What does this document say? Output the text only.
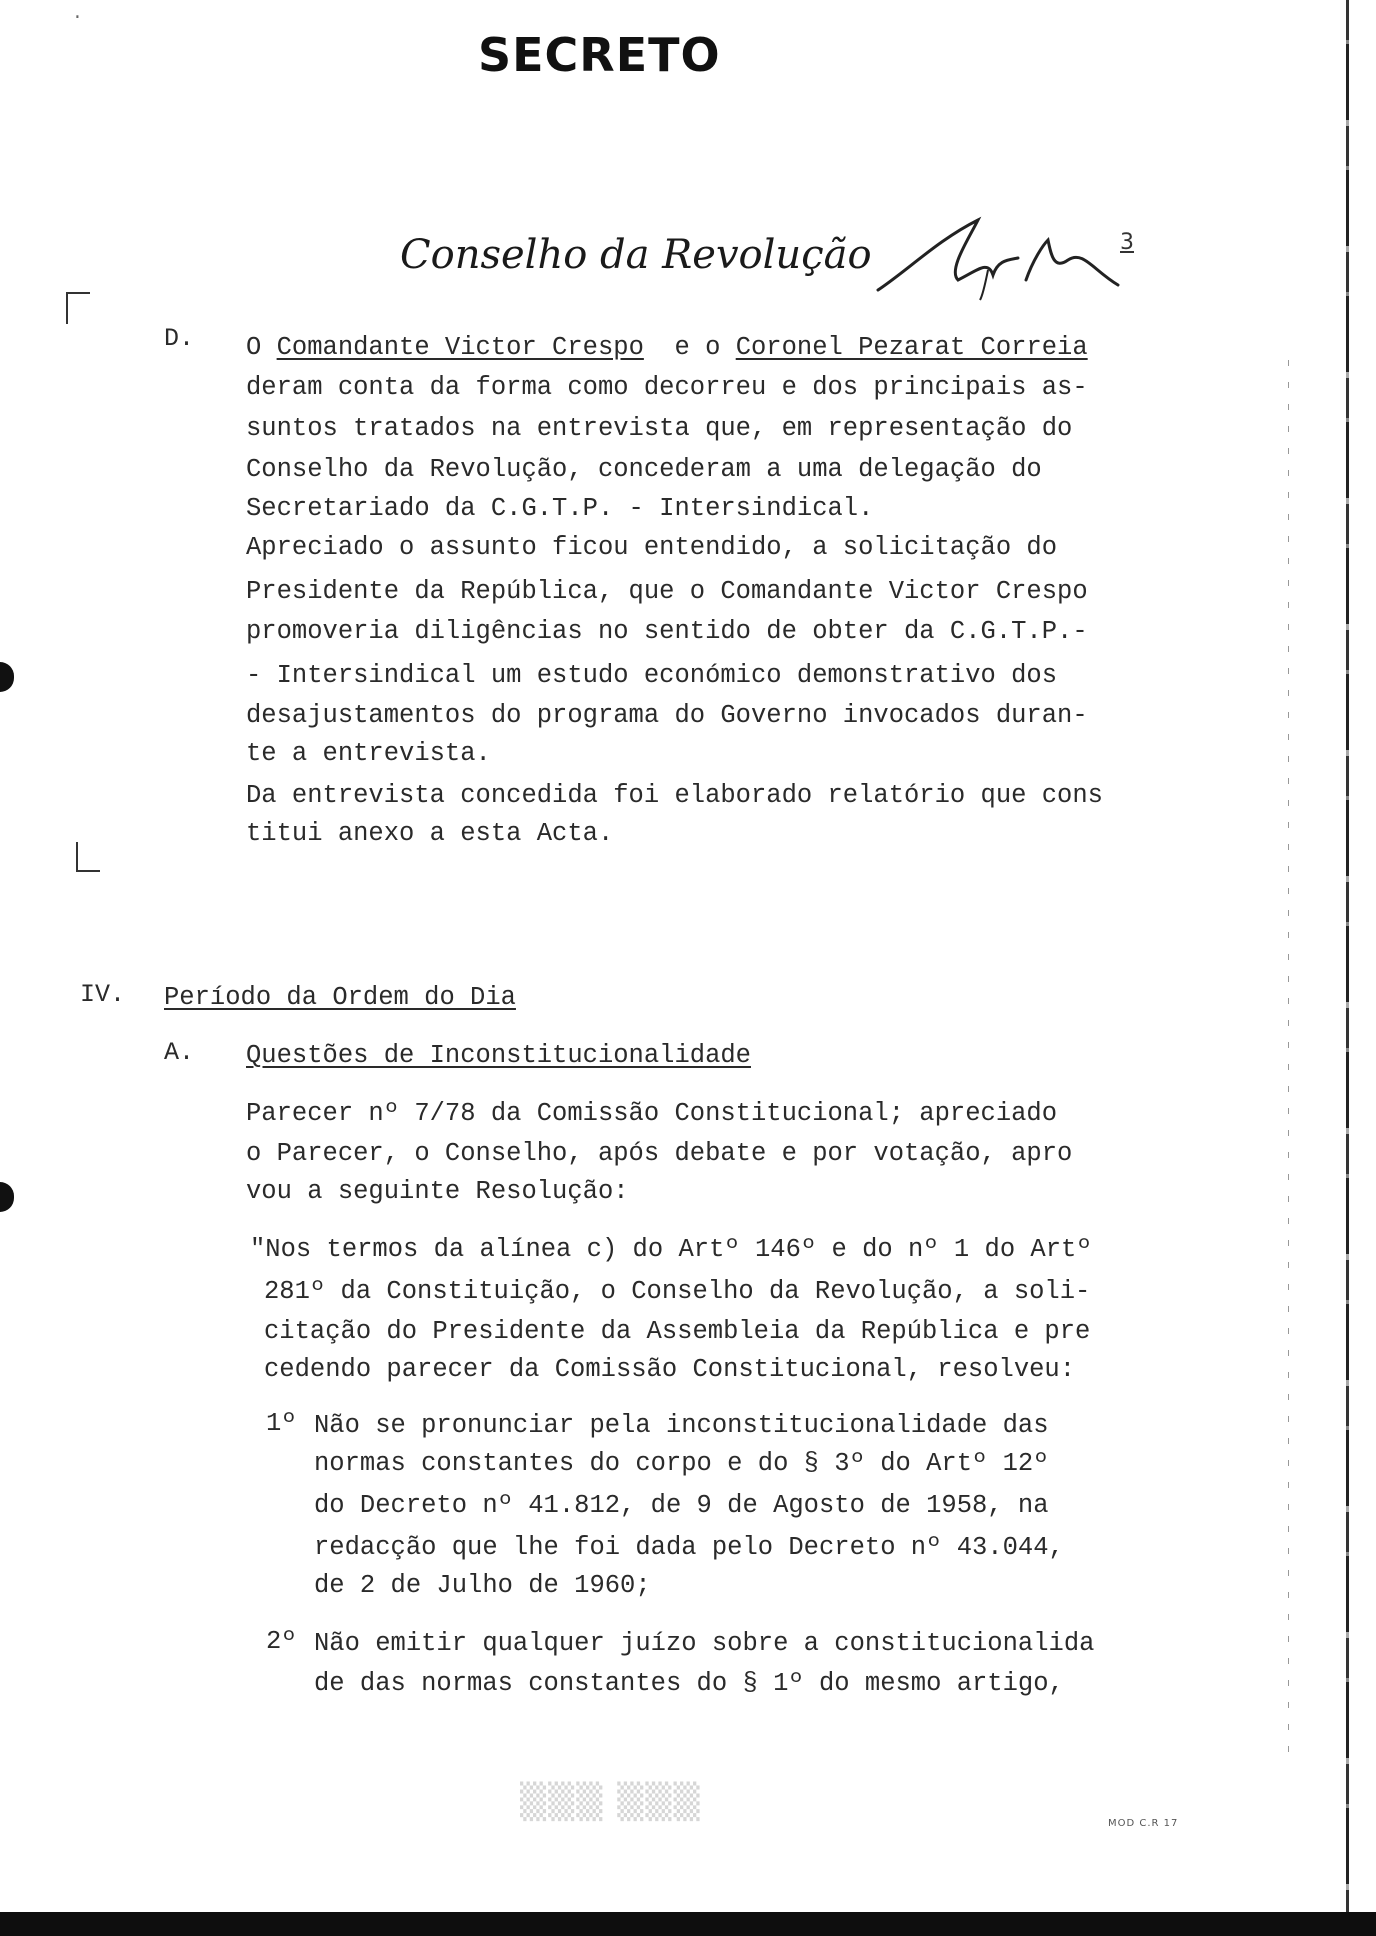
·
SECRETO
Conselho da Revolução	3
D. O Comandante Victor Crespo  e o Coronel Pezarat Correia
deram conta da forma como decorreu e dos principais as-
suntos tratados na entrevista que, em representação do
Conselho da Revolução, concederam a uma delegação do
Secretariado da C.G.T.P. - Intersindical.
Apreciado o assunto ficou entendido, a solicitação do
Presidente da República, que o Comandante Victor Crespo
promoveria diligências no sentido de obter da C.G.T.P.-
- Intersindical um estudo económico demonstrativo dos
desajustamentos do programa do Governo invocados duran-
te a entrevista.
Da entrevista concedida foi elaborado relatório que cons
titui anexo a esta Acta.
IV. Período da Ordem do Dia
A. Questões de Inconstitucionalidade
Parecer nº 7/78 da Comissão Constitucional; apreciado
o Parecer, o Conselho, após debate e por votação, apro
vou a seguinte Resolução:
"Nos termos da alínea c) do Artº 146º e do nº 1 do Artº
281º da Constituição, o Conselho da Revolução, a soli-
citação do Presidente da Assembleia da República e pre
cedendo parecer da Comissão Constitucional, resolveu:
1º Não se pronunciar pela inconstitucionalidade das
normas constantes do corpo e do § 3º do Artº 12º
do Decreto nº 41.812, de 9 de Agosto de 1958, na
redacção que lhe foi dada pelo Decreto nº 43.044,
de 2 de Julho de 1960;
2º Não emitir qualquer juízo sobre a constitucionalida
de das normas constantes do § 1º do mesmo artigo,
▒▒▒ ▒▒▒
MOD C.R 17
